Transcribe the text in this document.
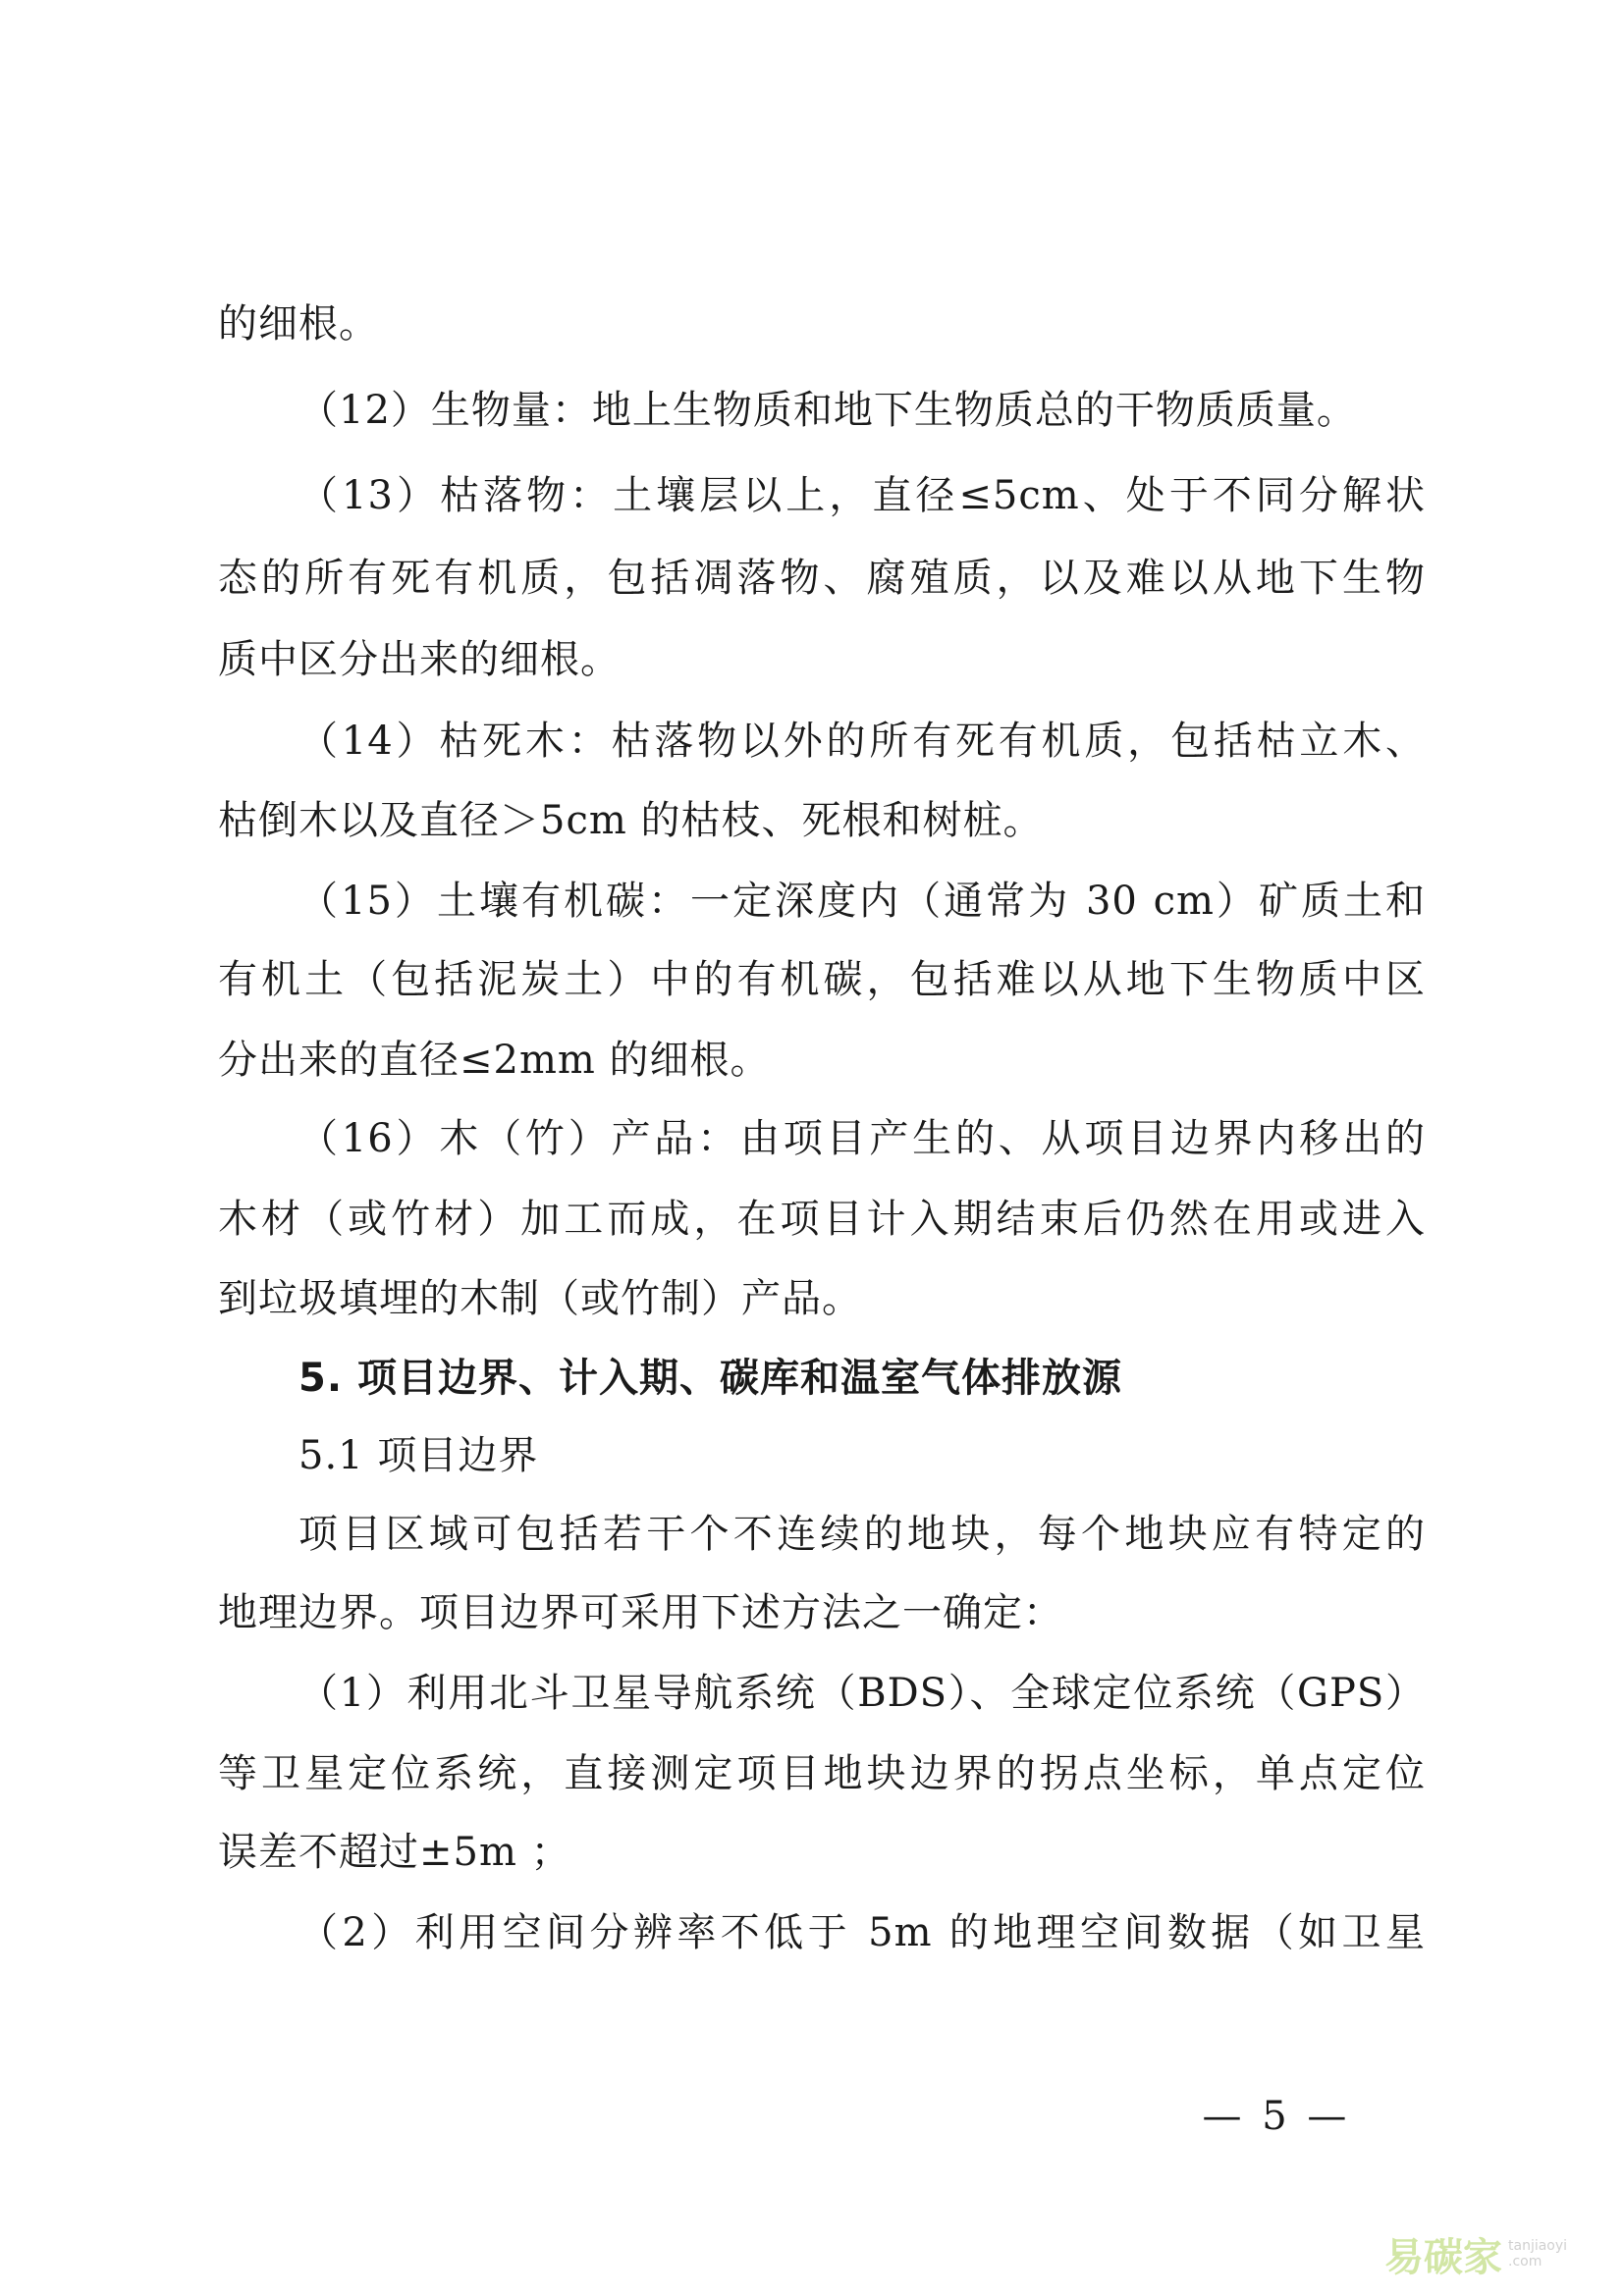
的细根。
（12）生物量：地上生物质和地下生物质总的干物质质量。
（13）枯落物：土壤层以上，直径≤5cm、处于不同分解状
态的所有死有机质，包括凋落物、腐殖质，以及难以从地下生物
质中区分出来的细根。
（14）枯死木：枯落物以外的所有死有机质，包括枯立木、
枯倒木以及直径＞5cm 的枯枝、死根和树桩。
（15）土壤有机碳：一定深度内（通常为 30 cm）矿质土和
有机土（包括泥炭土）中的有机碳，包括难以从地下生物质中区
分出来的直径≤2mm 的细根。
（16）木（竹）产品：由项目产生的、从项目边界内移出的
木材（或竹材）加工而成，在项目计入期结束后仍然在用或进入
到垃圾填埋的木制（或竹制）产品。
5. 项目边界、计入期、碳库和温室气体排放源
5.1 项目边界
项目区域可包括若干个不连续的地块，每个地块应有特定的
地理边界。项目边界可采用下述方法之一确定：
（1）利用北斗卫星导航系统（BDS）、全球定位系统（GPS）
等卫星定位系统，直接测定项目地块边界的拐点坐标，单点定位
误差不超过±5m ；
（2）利用空间分辨率不低于 5m 的地理空间数据（如卫星
— 5 —
易碳家 tanjiaoyi
.com
